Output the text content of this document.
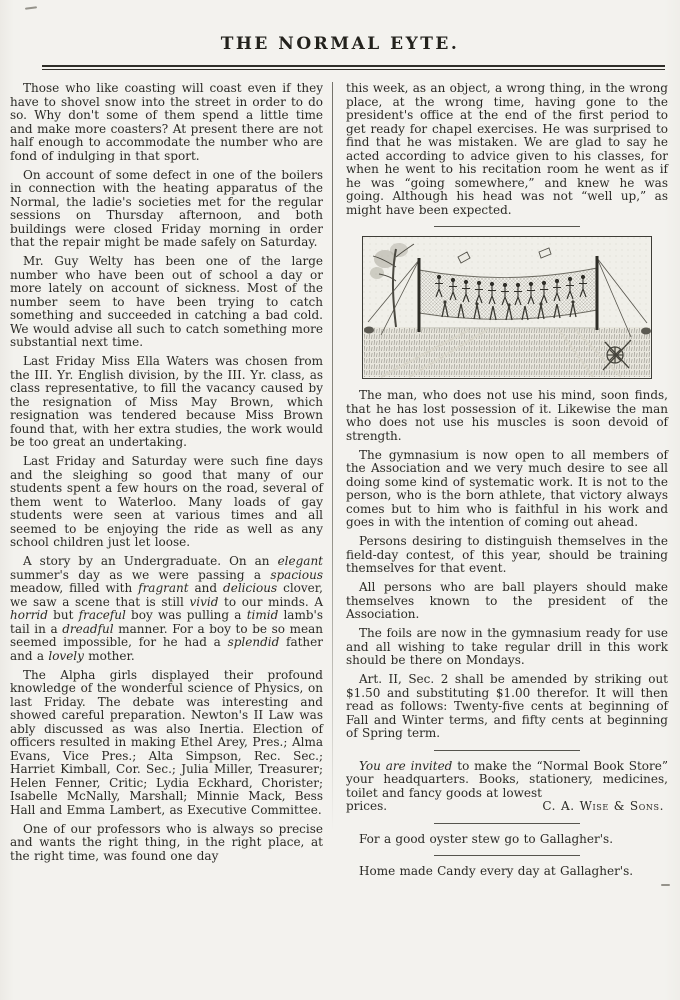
THE NORMAL EYTE.

Those who like coasting will coast even if they have to shovel snow into the street in order to do so. Why don't some of them spend a little time and make more coasters? At present there are not half enough to accommodate the number who are fond of indulging in that sport.

On account of some defect in one of the boilers in connection with the heating apparatus of the Normal, the ladie's societies met for the regular sessions on Thursday afternoon, and both buildings were closed Friday morning in order that the repair might be made safely on Saturday.

Mr. Guy Welty has been one of the large number who have been out of school a day or more lately on account of sickness. Most of the number seem to have been trying to catch something and succeeded in catching a bad cold. We would advise all such to catch something more substantial next time.

Last Friday Miss Ella Waters was chosen from the III. Yr. English division, by the III. Yr. class, as class representative, to fill the vacancy caused by the resignation of Miss May Brown, which resignation was tendered because Miss Brown found that, with her extra studies, the work would be too great an undertaking.

Last Friday and Saturday were such fine days and the sleighing so good that many of our students spent a few hours on the road, several of them went to Waterloo. Many loads of gay students were seen at various times and all seemed to be enjoying the ride as well as any school children just let loose.

A story by an Undergraduate. On an elegant summer's day as we were passing a spacious meadow, filled with fragrant and delicious clover, we saw a scene that is still vivid to our minds. A horrid but fraceful boy was pulling a timid lamb's tail in a dreadful manner. For a boy to be so mean seemed impossible, for he had a splendid father and a lovely mother.

The Alpha girls displayed their profound knowledge of the wonderful science of Physics, on last Friday. The debate was interesting and showed careful preparation. Newton's II Law was ably discussed as was also Inertia. Election of officers resulted in making Ethel Arey, Pres.; Alma Evans, Vice Pres.; Alta Simpson, Rec. Sec.; Harriet Kimball, Cor. Sec.; Julia Miller, Treasurer; Helen Fenner, Critic; Lydia Eckhard, Chorister; Isabelle McNally, Marshall; Minnie Mack, Bess Hall and Emma Lambert, as Executive Committee.

One of our professors who is always so precise and wants the right thing, in the right place, at the right time, was found one day

this week, as an object, a wrong thing, in the wrong place, at the wrong time, having gone to the president's office at the end of the first period to get ready for chapel exercises. He was surprised to find that he was mistaken. We are glad to say he acted according to advice given to his classes, for when he went to his recitation room he went as if he was “going somewhere,” and knew he was going. Although his head was not “well up,” as might have been expected.

The man, who does not use his mind, soon finds, that he has lost possession of it. Likewise the man who does not use his muscles is soon devoid of strength.

The gymnasium is now open to all members of the Association and we very much desire to see all doing some kind of systematic work. It is not to the person, who is the born athlete, that victory always comes but to him who is faithful in his work and goes in with the intention of coming out ahead.

Persons desiring to distinguish themselves in the field-day contest, of this year, should be training themselves for that event.

All persons who are ball players should make themselves known to the president of the Association.

The foils are now in the gymnasium ready for use and all wishing to take regular drill in this work should be there on Mondays.

Art. II, Sec. 2 shall be amended by striking out $1.50 and substituting $1.00 therefor. It will then read as follows: Twenty-five cents at beginning of Fall and Winter terms, and fifty cents at beginning of Spring term.

You are invited to make the “Normal Book Store” your headquarters. Books, stationery, medicines, toilet and fancy goods at lowest

prices.	C. A. Wise & Sons.

For a good oyster stew go to Gallagher's.

Home made Candy every day at Gallagher's.
